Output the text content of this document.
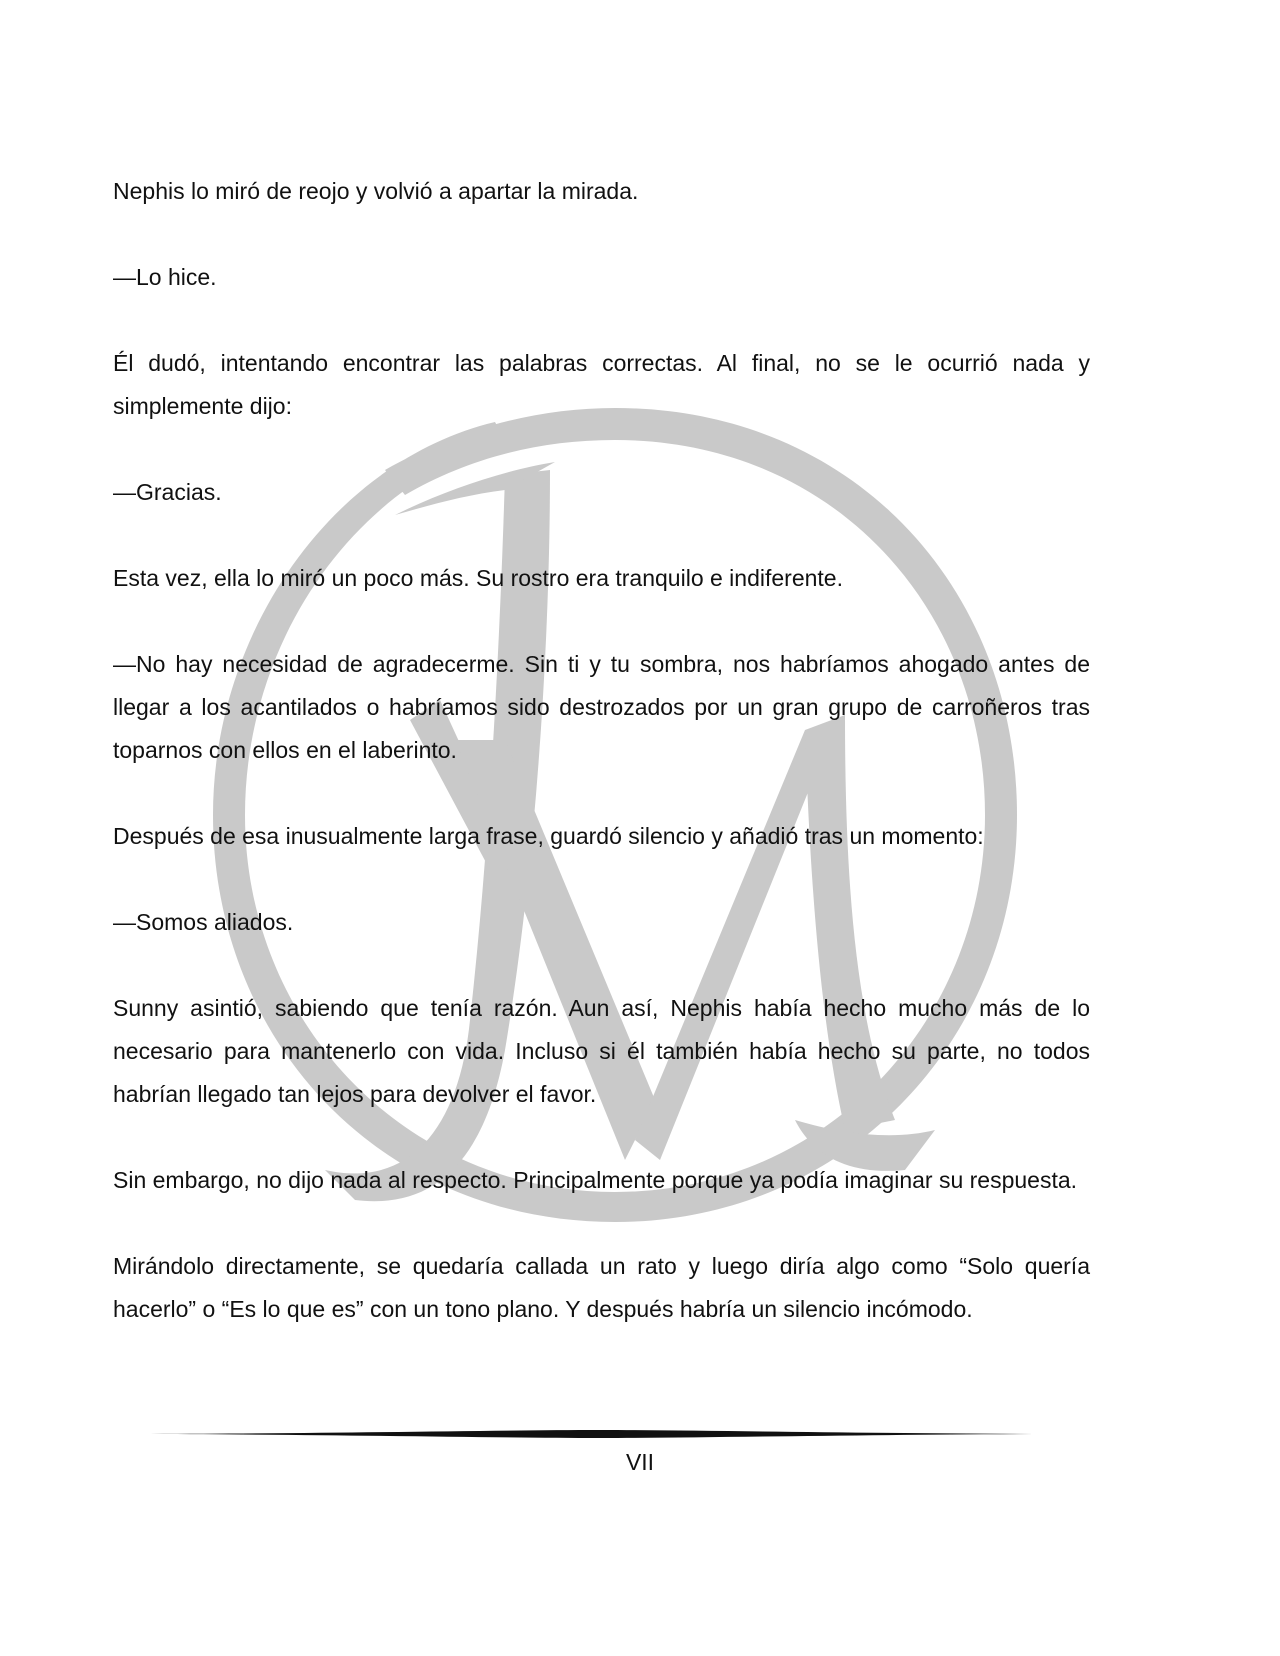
Nephis lo miró de reojo y volvió a apartar la mirada.

—Lo hice.

Él dudó, intentando encontrar las palabras correctas. Al final, no se le ocurrió nada y simplemente dijo:

—Gracias.

Esta vez, ella lo miró un poco más. Su rostro era tranquilo e indiferente.

—No hay necesidad de agradecerme. Sin ti y tu sombra, nos habríamos ahogado antes de llegar a los acantilados o habríamos sido destrozados por un gran grupo de carroñeros tras toparnos con ellos en el laberinto.

Después de esa inusualmente larga frase, guardó silencio y añadió tras un momento:

—Somos aliados.

Sunny asintió, sabiendo que tenía razón. Aun así, Nephis había hecho mucho más de lo necesario para mantenerlo con vida. Incluso si él también había hecho su parte, no todos habrían llegado tan lejos para devolver el favor.

Sin embargo, no dijo nada al respecto. Principalmente porque ya podía imaginar su respuesta.

Mirándolo directamente, se quedaría callada un rato y luego diría algo como “Solo quería hacerlo” o “Es lo que es” con un tono plano. Y después habría un silencio incómodo.

VII
